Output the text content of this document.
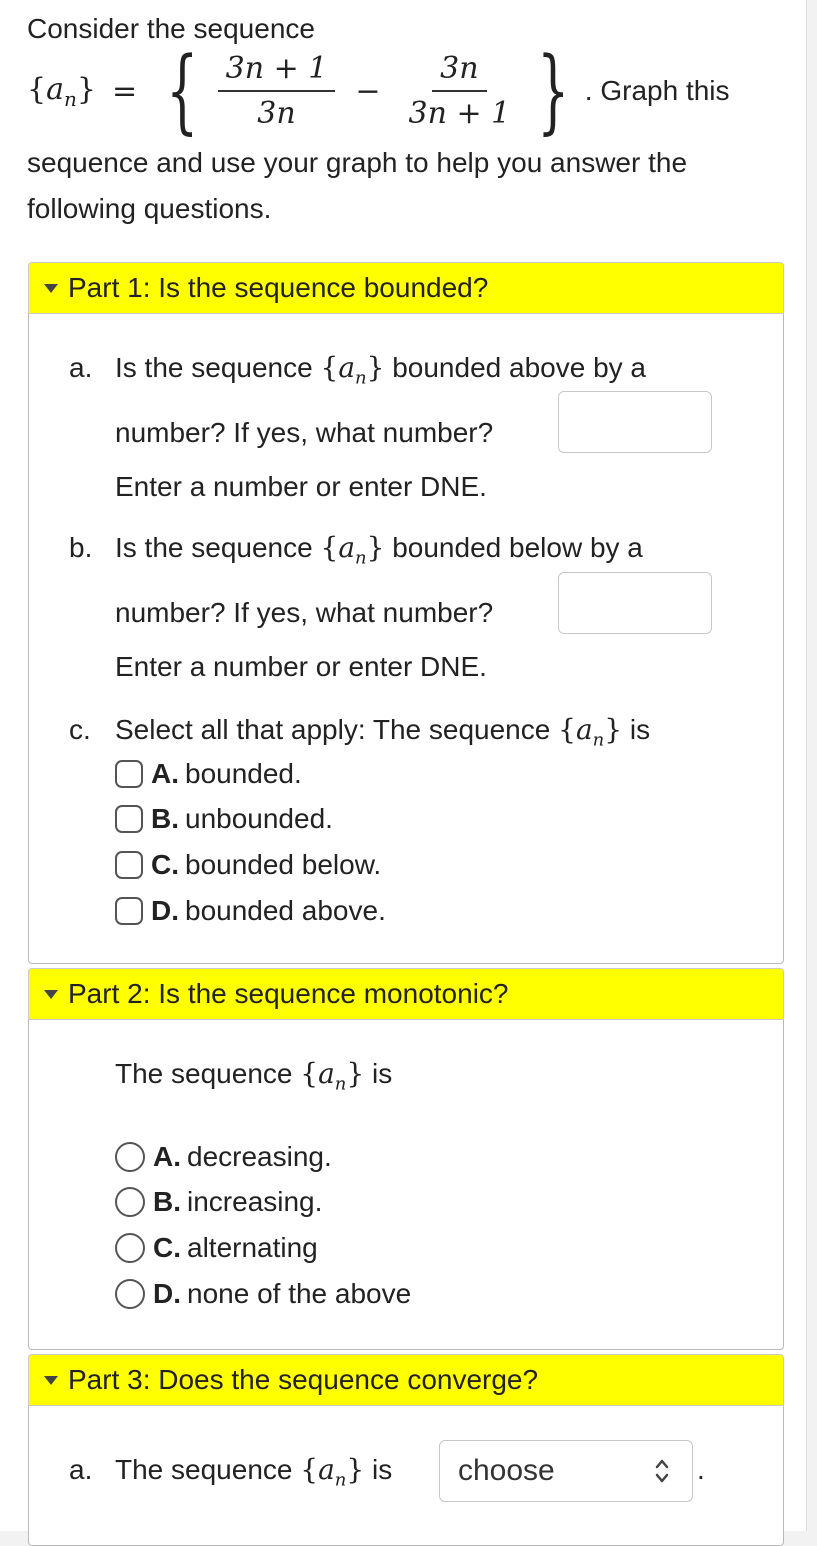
Consider the sequence
$\{a_n\}$ = { $\frac{3n + 1}{3n} - \frac{3n}{3n + 1}$ } . Graph this
sequence and use your graph to help you answer the
following questions.
Part 1: Is the sequence bounded?
a. Is the sequence $\{a_n\}$ bounded above by a
number? If yes, what number?
Enter a number or enter DNE.
b. Is the sequence $\{a_n\}$ bounded below by a
number? If yes, what number?
Enter a number or enter DNE.
c. Select all that apply: The sequence $\{a_n\}$ is
A. bounded.
B. unbounded.
C. bounded below.
D. bounded above.
Part 2: Is the sequence monotonic?
The sequence $\{a_n\}$ is
A. decreasing.
B. increasing.
C. alternating
D. none of the above
Part 3: Does the sequence converge?
a. The sequence $\{a_n\}$ is choose	.
